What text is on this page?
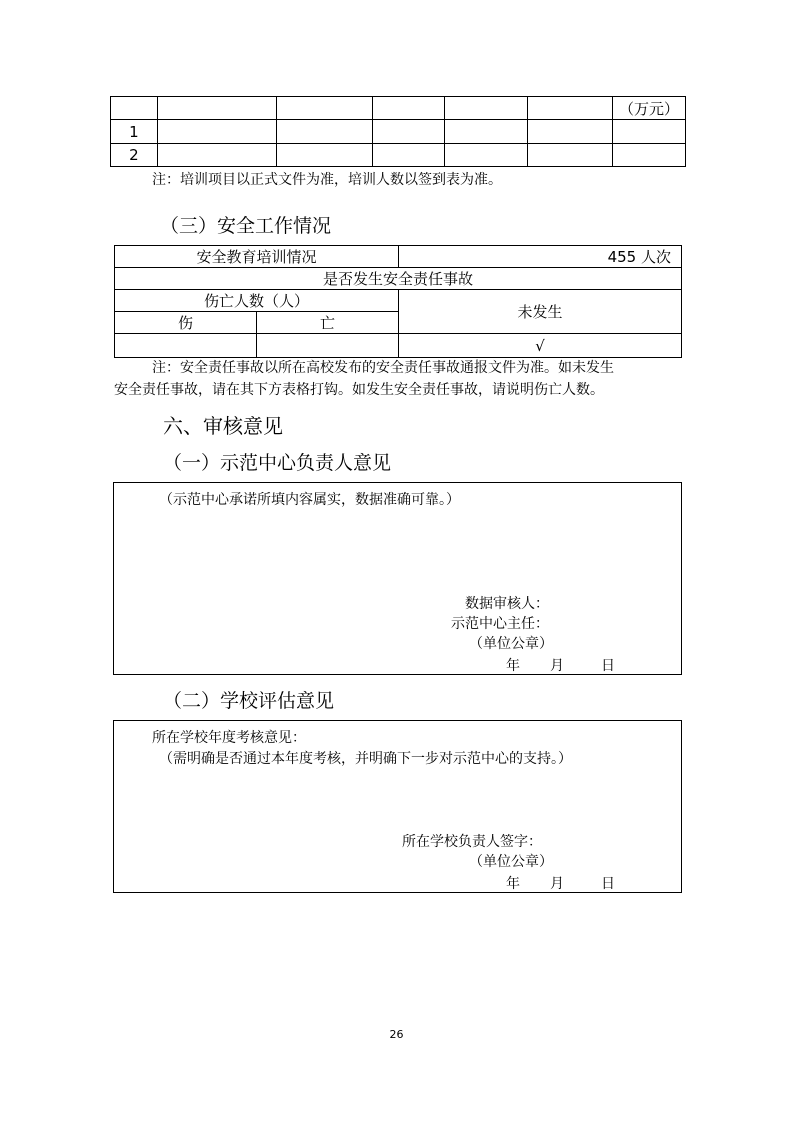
						（万元）
1						
2						
注：培训项目以正式文件为准，培训人数以签到表为准。
（三）安全工作情况
安全教育培训情况		455 人次
是否发生安全责任事故		
伤亡人数（人）		未发生
伤	亡	
		√
注：安全责任事故以所在高校发布的安全责任事故通报文件为准。如未发生
安全责任事故，请在其下方表格打钩。如发生安全责任事故，请说明伤亡人数。
六、审核意见
（一）示范中心负责人意见
（示范中心承诺所填内容属实，数据准确可靠。）
数据审核人：
示范中心主任：
（单位公章）
年 月	日
（二）学校评估意见
所在学校年度考核意见：
（需明确是否通过本年度考核，并明确下一步对示范中心的支持。）
所在学校负责人签字：
（单位公章）
年 月	日
26
